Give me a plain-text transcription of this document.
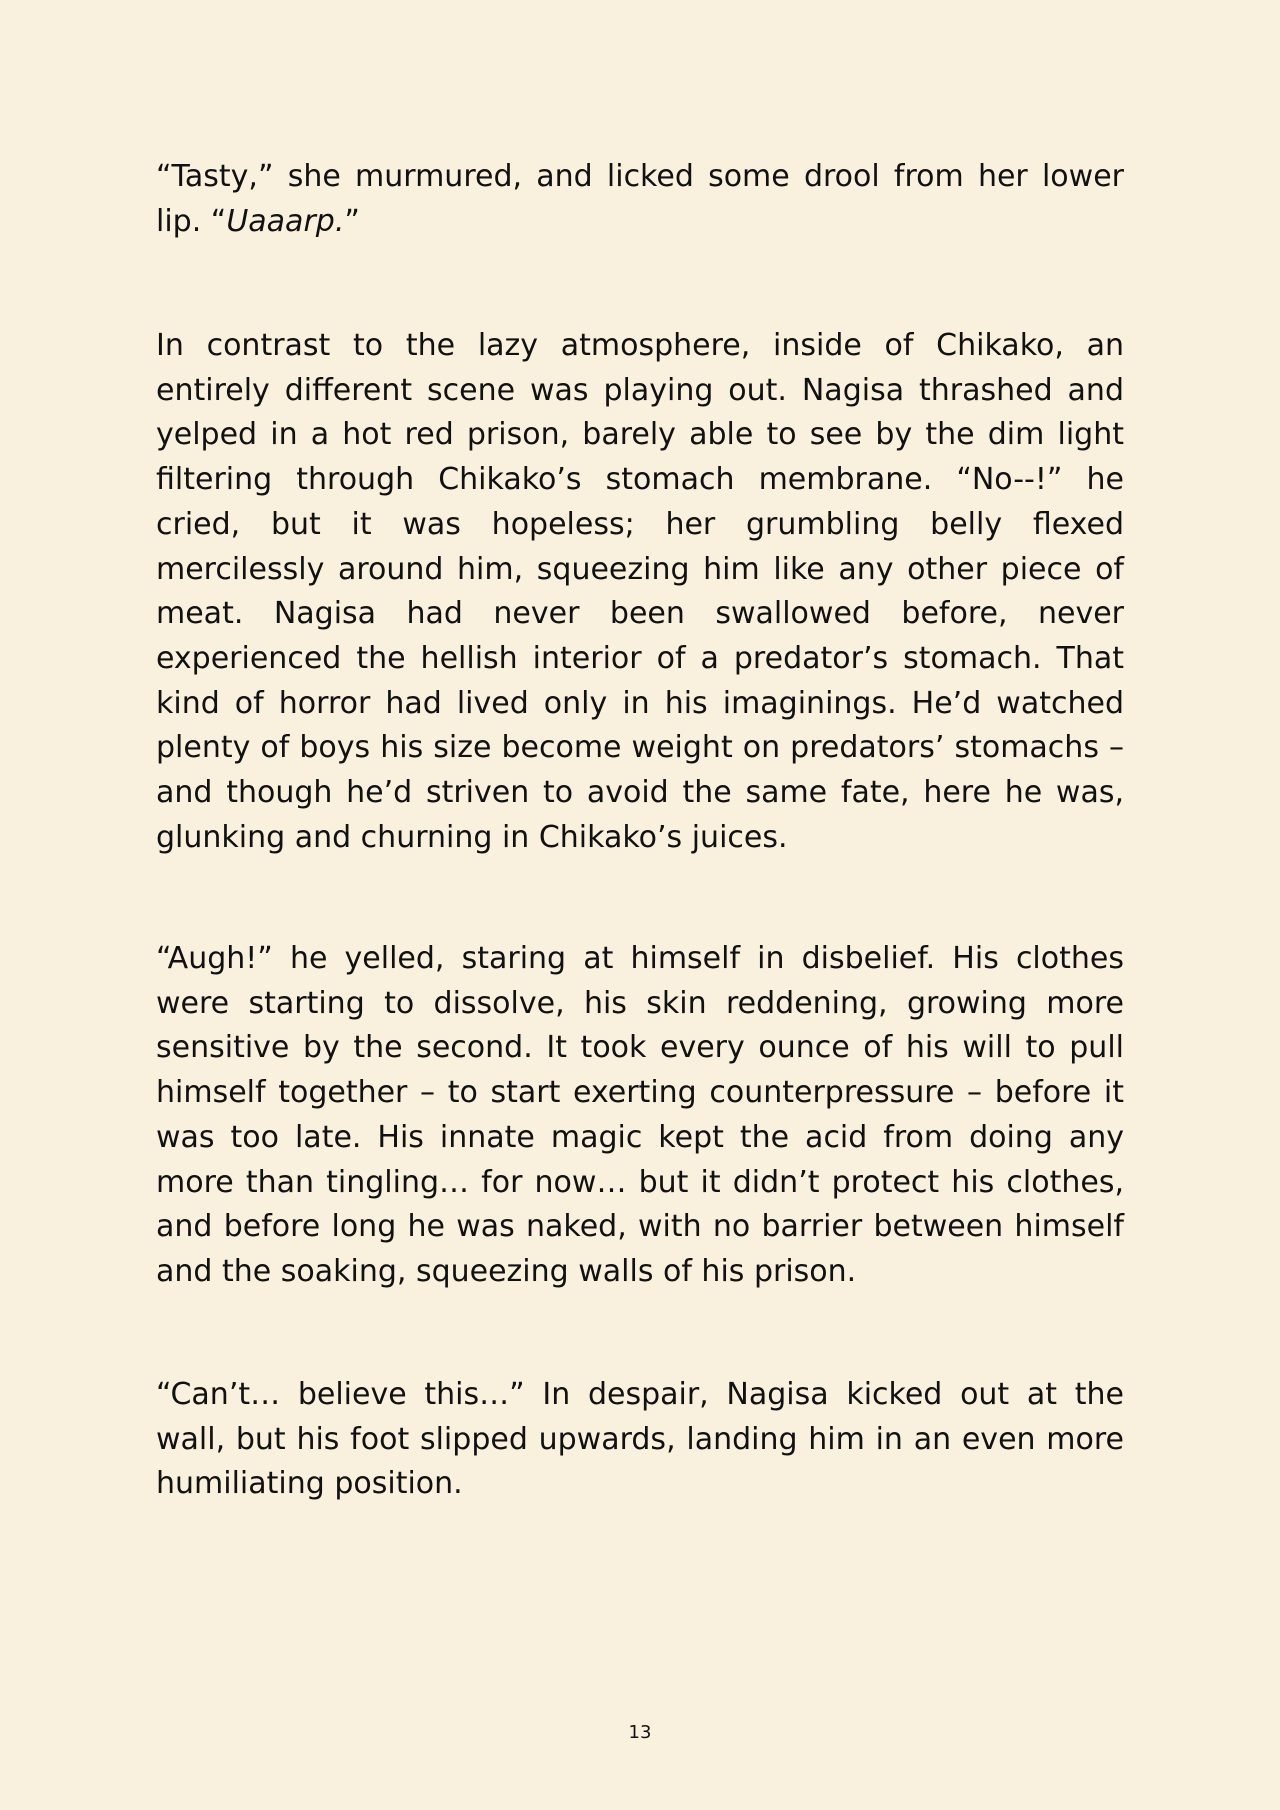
“Tasty,” she murmured, and licked some drool from her lower lip. “Uaaarp.”

In contrast to the lazy atmosphere, inside of Chikako, an entirely different scene was playing out. Nagisa thrashed and yelped in a hot red prison, barely able to see by the dim light filtering through Chikako’s stomach membrane. “No--!” he cried, but it was hopeless; her grumbling belly flexed mercilessly around him, squeezing him like any other piece of meat. Nagisa had never been swallowed before, never experienced the hellish interior of a predator’s stomach. That kind of horror had lived only in his imaginings. He’d watched plenty of boys his size become weight on predators’ stomachs – and though he’d striven to avoid the same fate, here he was, glunking and churning in Chikako’s juices.

“Augh!” he yelled, staring at himself in disbelief. His clothes were starting to dissolve, his skin reddening, growing more sensitive by the second. It took every ounce of his will to pull himself together – to start exerting counterpressure – before it was too late. His innate magic kept the acid from doing any more than tingling… for now… but it didn’t protect his clothes, and before long he was naked, with no barrier between himself and the soaking, squeezing walls of his prison.

“Can’t… believe this…” In despair, Nagisa kicked out at the wall, but his foot slipped upwards, landing him in an even more humiliating position.

13
